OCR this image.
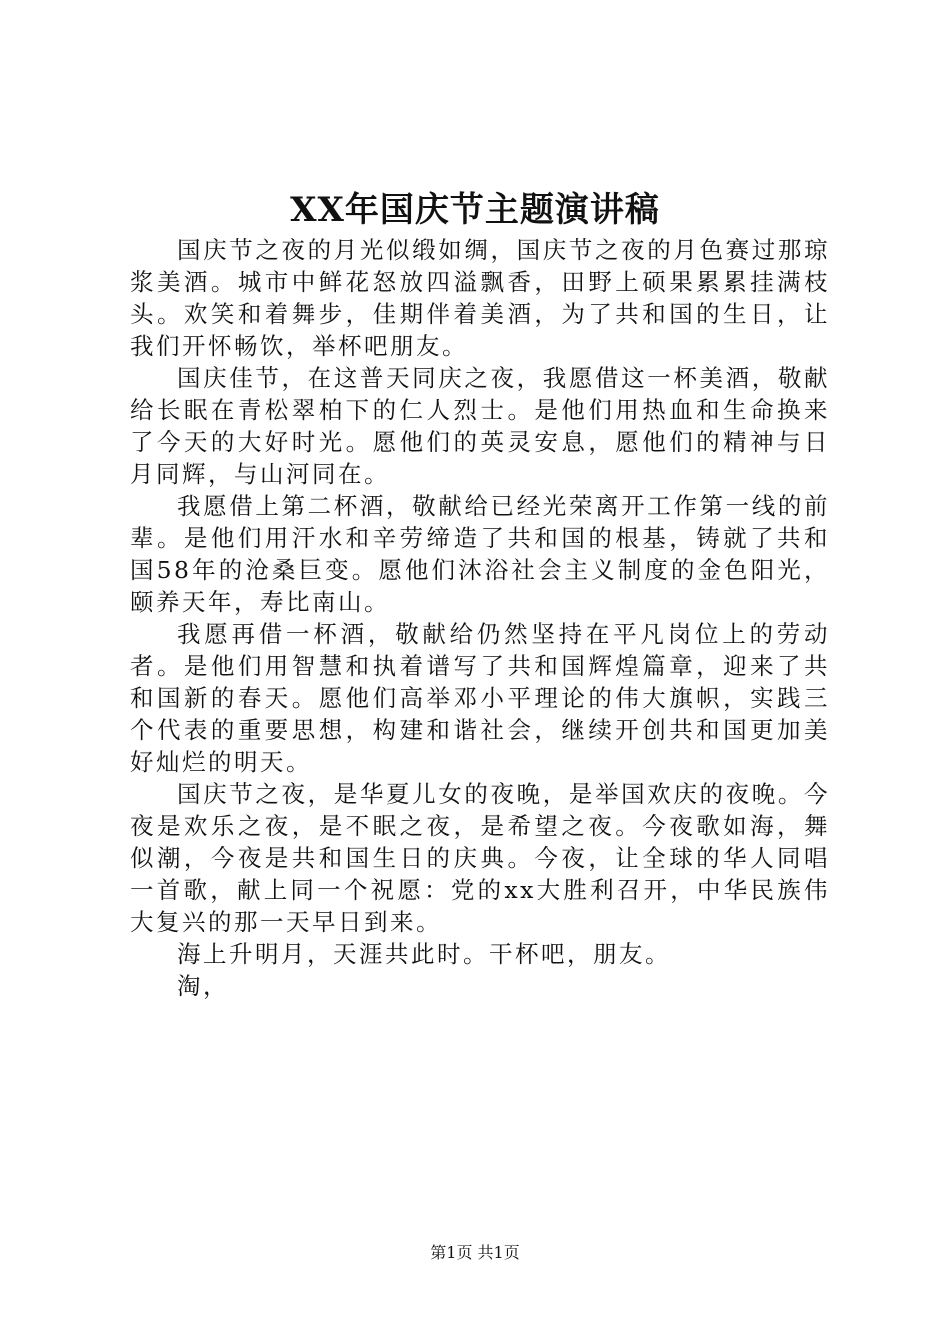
XX年国庆节主题演讲稿

国庆节之夜的月光似缎如绸，国庆节之夜的月色赛过那琼浆美酒。城市中鲜花怒放四溢飘香，田野上硕果累累挂满枝头。欢笑和着舞步，佳期伴着美酒，为了共和国的生日，让我们开怀畅饮，举杯吧朋友。

国庆佳节，在这普天同庆之夜，我愿借这一杯美酒，敬献给长眠在青松翠柏下的仁人烈士。是他们用热血和生命换来了今天的大好时光。愿他们的英灵安息，愿他们的精神与日月同辉，与山河同在。

我愿借上第二杯酒，敬献给已经光荣离开工作第一线的前辈。是他们用汗水和辛劳缔造了共和国的根基，铸就了共和国58年的沧桑巨变。愿他们沐浴社会主义制度的金色阳光，颐养天年，寿比南山。

我愿再借一杯酒，敬献给仍然坚持在平凡岗位上的劳动者。是他们用智慧和执着谱写了共和国辉煌篇章，迎来了共和国新的春天。愿他们高举邓小平理论的伟大旗帜，实践三个代表的重要思想，构建和谐社会，继续开创共和国更加美好灿烂的明天。

国庆节之夜，是华夏儿女的夜晚，是举国欢庆的夜晚。今夜是欢乐之夜，是不眠之夜，是希望之夜。今夜歌如海，舞似潮，今夜是共和国生日的庆典。今夜，让全球的华人同唱一首歌，献上同一个祝愿：党的xx大胜利召开，中华民族伟大复兴的那一天早日到来。

海上升明月，天涯共此时。干杯吧，朋友。

淘，

第1页 共1页
